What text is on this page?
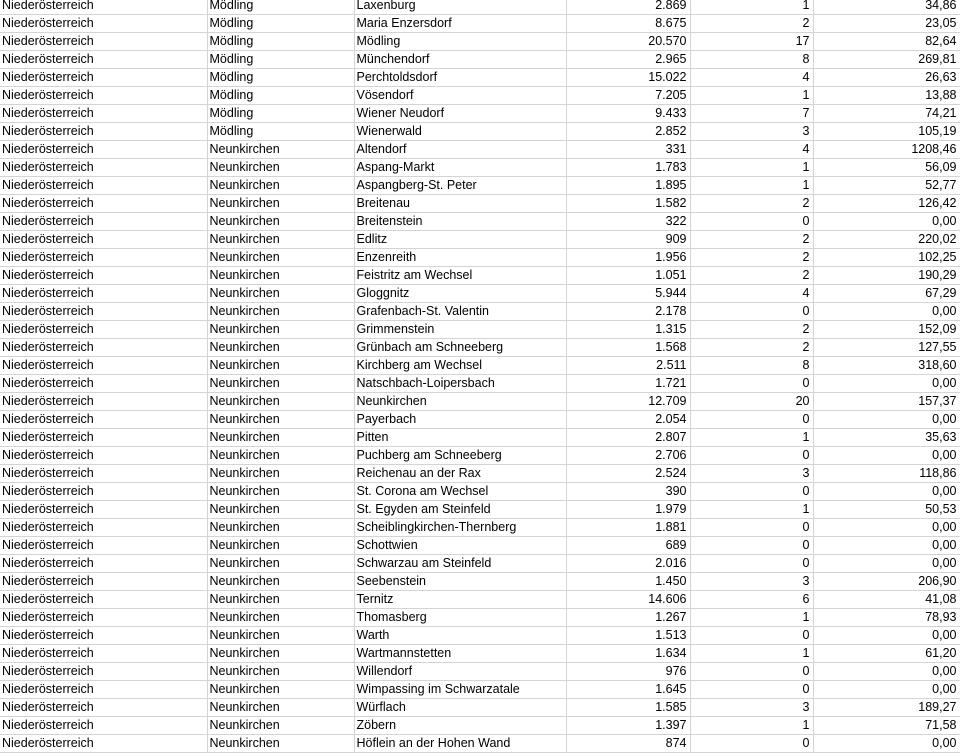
Niederösterreich	Mödling	Laxenburg	2.869	1	34,86
Niederösterreich	Mödling	Maria Enzersdorf	8.675	2	23,05
Niederösterreich	Mödling	Mödling	20.570	17	82,64
Niederösterreich	Mödling	Münchendorf	2.965	8	269,81
Niederösterreich	Mödling	Perchtoldsdorf	15.022	4	26,63
Niederösterreich	Mödling	Vösendorf	7.205	1	13,88
Niederösterreich	Mödling	Wiener Neudorf	9.433	7	74,21
Niederösterreich	Mödling	Wienerwald	2.852	3	105,19
Niederösterreich	Neunkirchen	Altendorf	331	4	1208,46
Niederösterreich	Neunkirchen	Aspang-Markt	1.783	1	56,09
Niederösterreich	Neunkirchen	Aspangberg-St. Peter	1.895	1	52,77
Niederösterreich	Neunkirchen	Breitenau	1.582	2	126,42
Niederösterreich	Neunkirchen	Breitenstein	322	0	0,00
Niederösterreich	Neunkirchen	Edlitz	909	2	220,02
Niederösterreich	Neunkirchen	Enzenreith	1.956	2	102,25
Niederösterreich	Neunkirchen	Feistritz am Wechsel	1.051	2	190,29
Niederösterreich	Neunkirchen	Gloggnitz	5.944	4	67,29
Niederösterreich	Neunkirchen	Grafenbach-St. Valentin	2.178	0	0,00
Niederösterreich	Neunkirchen	Grimmenstein	1.315	2	152,09
Niederösterreich	Neunkirchen	Grünbach am Schneeberg	1.568	2	127,55
Niederösterreich	Neunkirchen	Kirchberg am Wechsel	2.511	8	318,60
Niederösterreich	Neunkirchen	Natschbach-Loipersbach	1.721	0	0,00
Niederösterreich	Neunkirchen	Neunkirchen	12.709	20	157,37
Niederösterreich	Neunkirchen	Payerbach	2.054	0	0,00
Niederösterreich	Neunkirchen	Pitten	2.807	1	35,63
Niederösterreich	Neunkirchen	Puchberg am Schneeberg	2.706	0	0,00
Niederösterreich	Neunkirchen	Reichenau an der Rax	2.524	3	118,86
Niederösterreich	Neunkirchen	St. Corona am Wechsel	390	0	0,00
Niederösterreich	Neunkirchen	St. Egyden am Steinfeld	1.979	1	50,53
Niederösterreich	Neunkirchen	Scheiblingkirchen-Thernberg	1.881	0	0,00
Niederösterreich	Neunkirchen	Schottwien	689	0	0,00
Niederösterreich	Neunkirchen	Schwarzau am Steinfeld	2.016	0	0,00
Niederösterreich	Neunkirchen	Seebenstein	1.450	3	206,90
Niederösterreich	Neunkirchen	Ternitz	14.606	6	41,08
Niederösterreich	Neunkirchen	Thomasberg	1.267	1	78,93
Niederösterreich	Neunkirchen	Warth	1.513	0	0,00
Niederösterreich	Neunkirchen	Wartmannstetten	1.634	1	61,20
Niederösterreich	Neunkirchen	Willendorf	976	0	0,00
Niederösterreich	Neunkirchen	Wimpassing im Schwarzatale	1.645	0	0,00
Niederösterreich	Neunkirchen	Würflach	1.585	3	189,27
Niederösterreich	Neunkirchen	Zöbern	1.397	1	71,58
Niederösterreich	Neunkirchen	Höflein an der Hohen Wand	874	0	0,00
